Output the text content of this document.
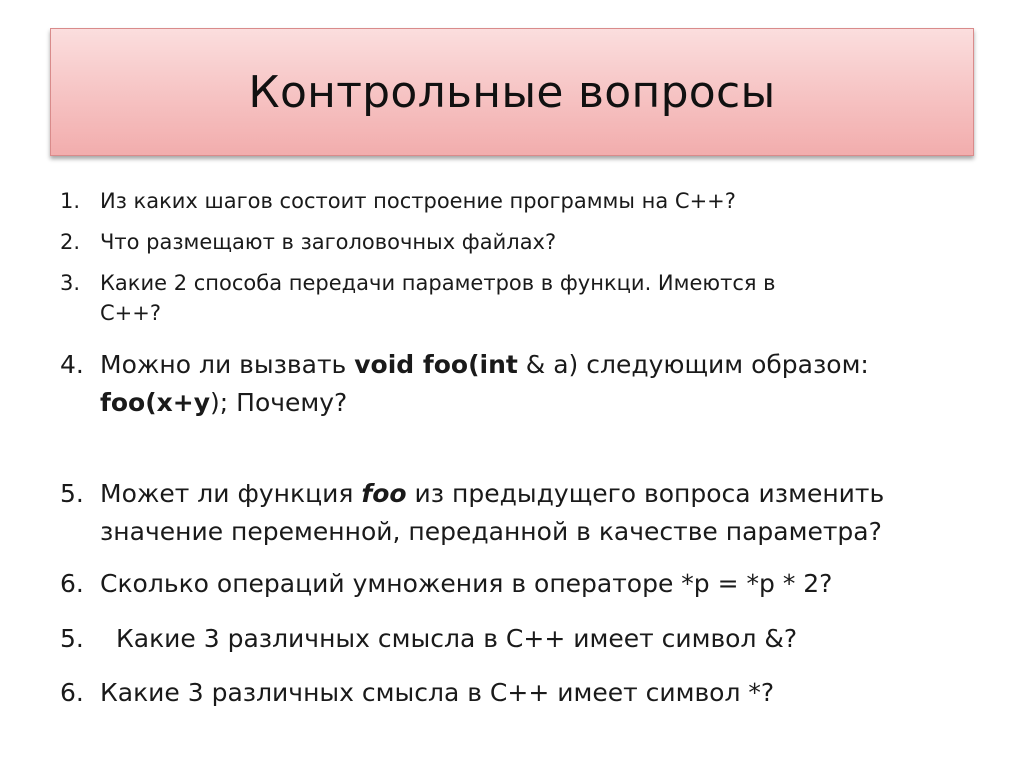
Контрольные вопросы
1. Из каких шагов состоит построение программы на С++?
2. Что размещают в заголовочных файлах?
3. Какие 2 способа передачи параметров в функци. Имеются в
С++?
4. Можно ли вызвать void foo(int & a) следующим образом:
foo(x+y); Почему?
5. Может ли функция foo из предыдущего вопроса изменить
значение переменной, переданной в качестве параметра?
6. Сколько операций умножения в операторе *p = *p * 2?
5.	Какие 3 различных смысла в С++ имеет символ &?
6. Какие 3 различных смысла в С++ имеет символ *?
